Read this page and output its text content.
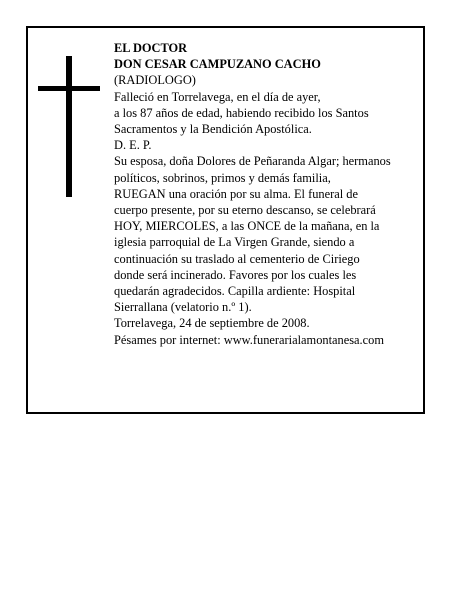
EL DOCTOR
DON CESAR CAMPUZANO CACHO
(RADIOLOGO)
Falleció en Torrelavega, en el día de ayer,
a los 87 años de edad, habiendo recibido los Santos
Sacramentos y la Bendición Apostólica.
D. E. P.
Su esposa, doña Dolores de Peñaranda Algar; hermanos
políticos, sobrinos, primos y demás familia,
RUEGAN una oración por su alma. El funeral de
cuerpo presente, por su eterno descanso, se celebrará
HOY, MIERCOLES, a las ONCE de la mañana, en la
iglesia parroquial de La Virgen Grande, siendo a
continuación su traslado al cementerio de Ciriego
donde será incinerado. Favores por los cuales les
quedarán agradecidos. Capilla ardiente: Hospital
Sierrallana (velatorio n.º 1).
Torrelavega, 24 de septiembre de 2008.
Pésames por internet: www.funerarialamontanesa.com
